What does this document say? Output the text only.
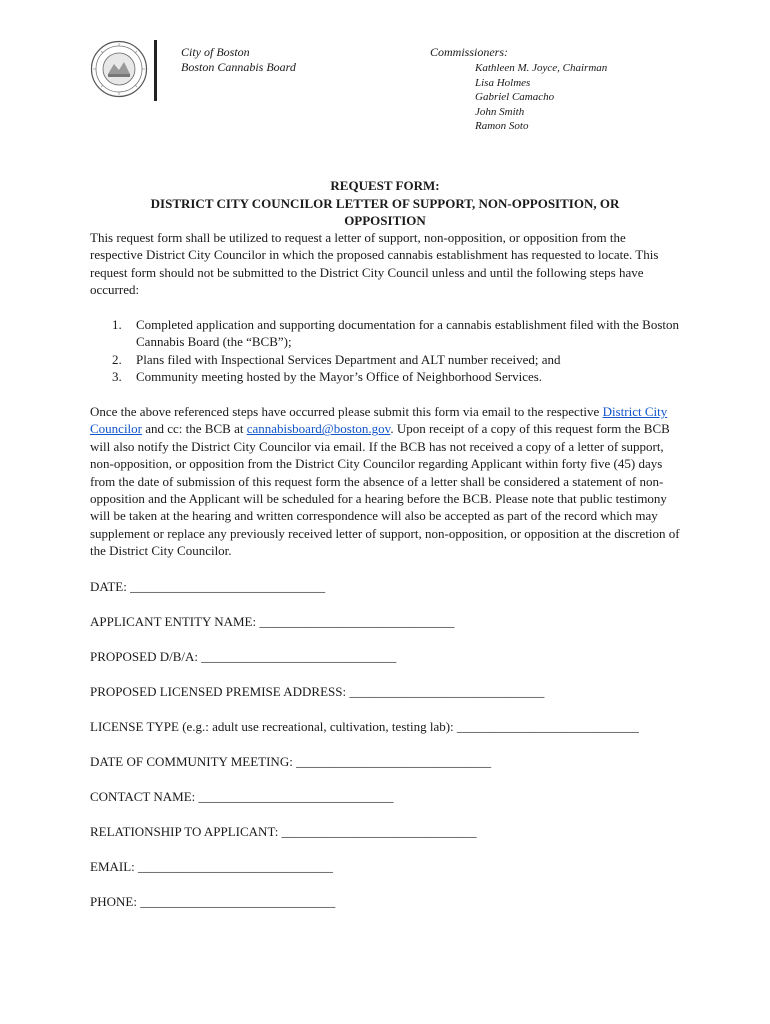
City of Boston
Boston Cannabis Board
Commissioners:
Kathleen M. Joyce, Chairman
Lisa Holmes
Gabriel Camacho
John Smith
Ramon Soto
REQUEST FORM:
DISTRICT CITY COUNCILOR LETTER OF SUPPORT, NON-OPPOSITION, OR
OPPOSITION

This request form shall be utilized to request a letter of support, non-opposition, or opposition from the respective District City Councilor in which the proposed cannabis establishment has requested to locate. This request form should not be submitted to the District City Council unless and until the following steps have occurred:

1. Completed application and supporting documentation for a cannabis establishment filed with the Boston Cannabis Board (the “BCB”);
2. Plans filed with Inspectional Services Department and ALT number received; and
3. Community meeting hosted by the Mayor’s Office of Neighborhood Services.

Once the above referenced steps have occurred please submit this form via email to the respective District City Councilor and cc: the BCB at cannabisboard@boston.gov. Upon receipt of a copy of this request form the BCB will also notify the District City Councilor via email. If the BCB has not received a copy of a letter of support, non-opposition, or opposition from the District City Councilor regarding Applicant within forty five (45) days from the date of submission of this request form the absence of a letter shall be considered a statement of non-opposition and the Applicant will be scheduled for a hearing before the BCB. Please note that public testimony will be taken at the hearing and written correspondence will also be accepted as part of the record which may supplement or replace any previously received letter of support, non-opposition, or opposition at the discretion of the District City Councilor.

DATE: ______________________________
APPLICANT ENTITY NAME: ______________________________
PROPOSED D/B/A: ______________________________
PROPOSED LICENSED PREMISE ADDRESS: ______________________________
LICENSE TYPE (e.g.: adult use recreational, cultivation, testing lab): ____________________________
DATE OF COMMUNITY MEETING: ______________________________
CONTACT NAME: ______________________________
RELATIONSHIP TO APPLICANT: ______________________________
EMAIL: ______________________________
PHONE: ______________________________
